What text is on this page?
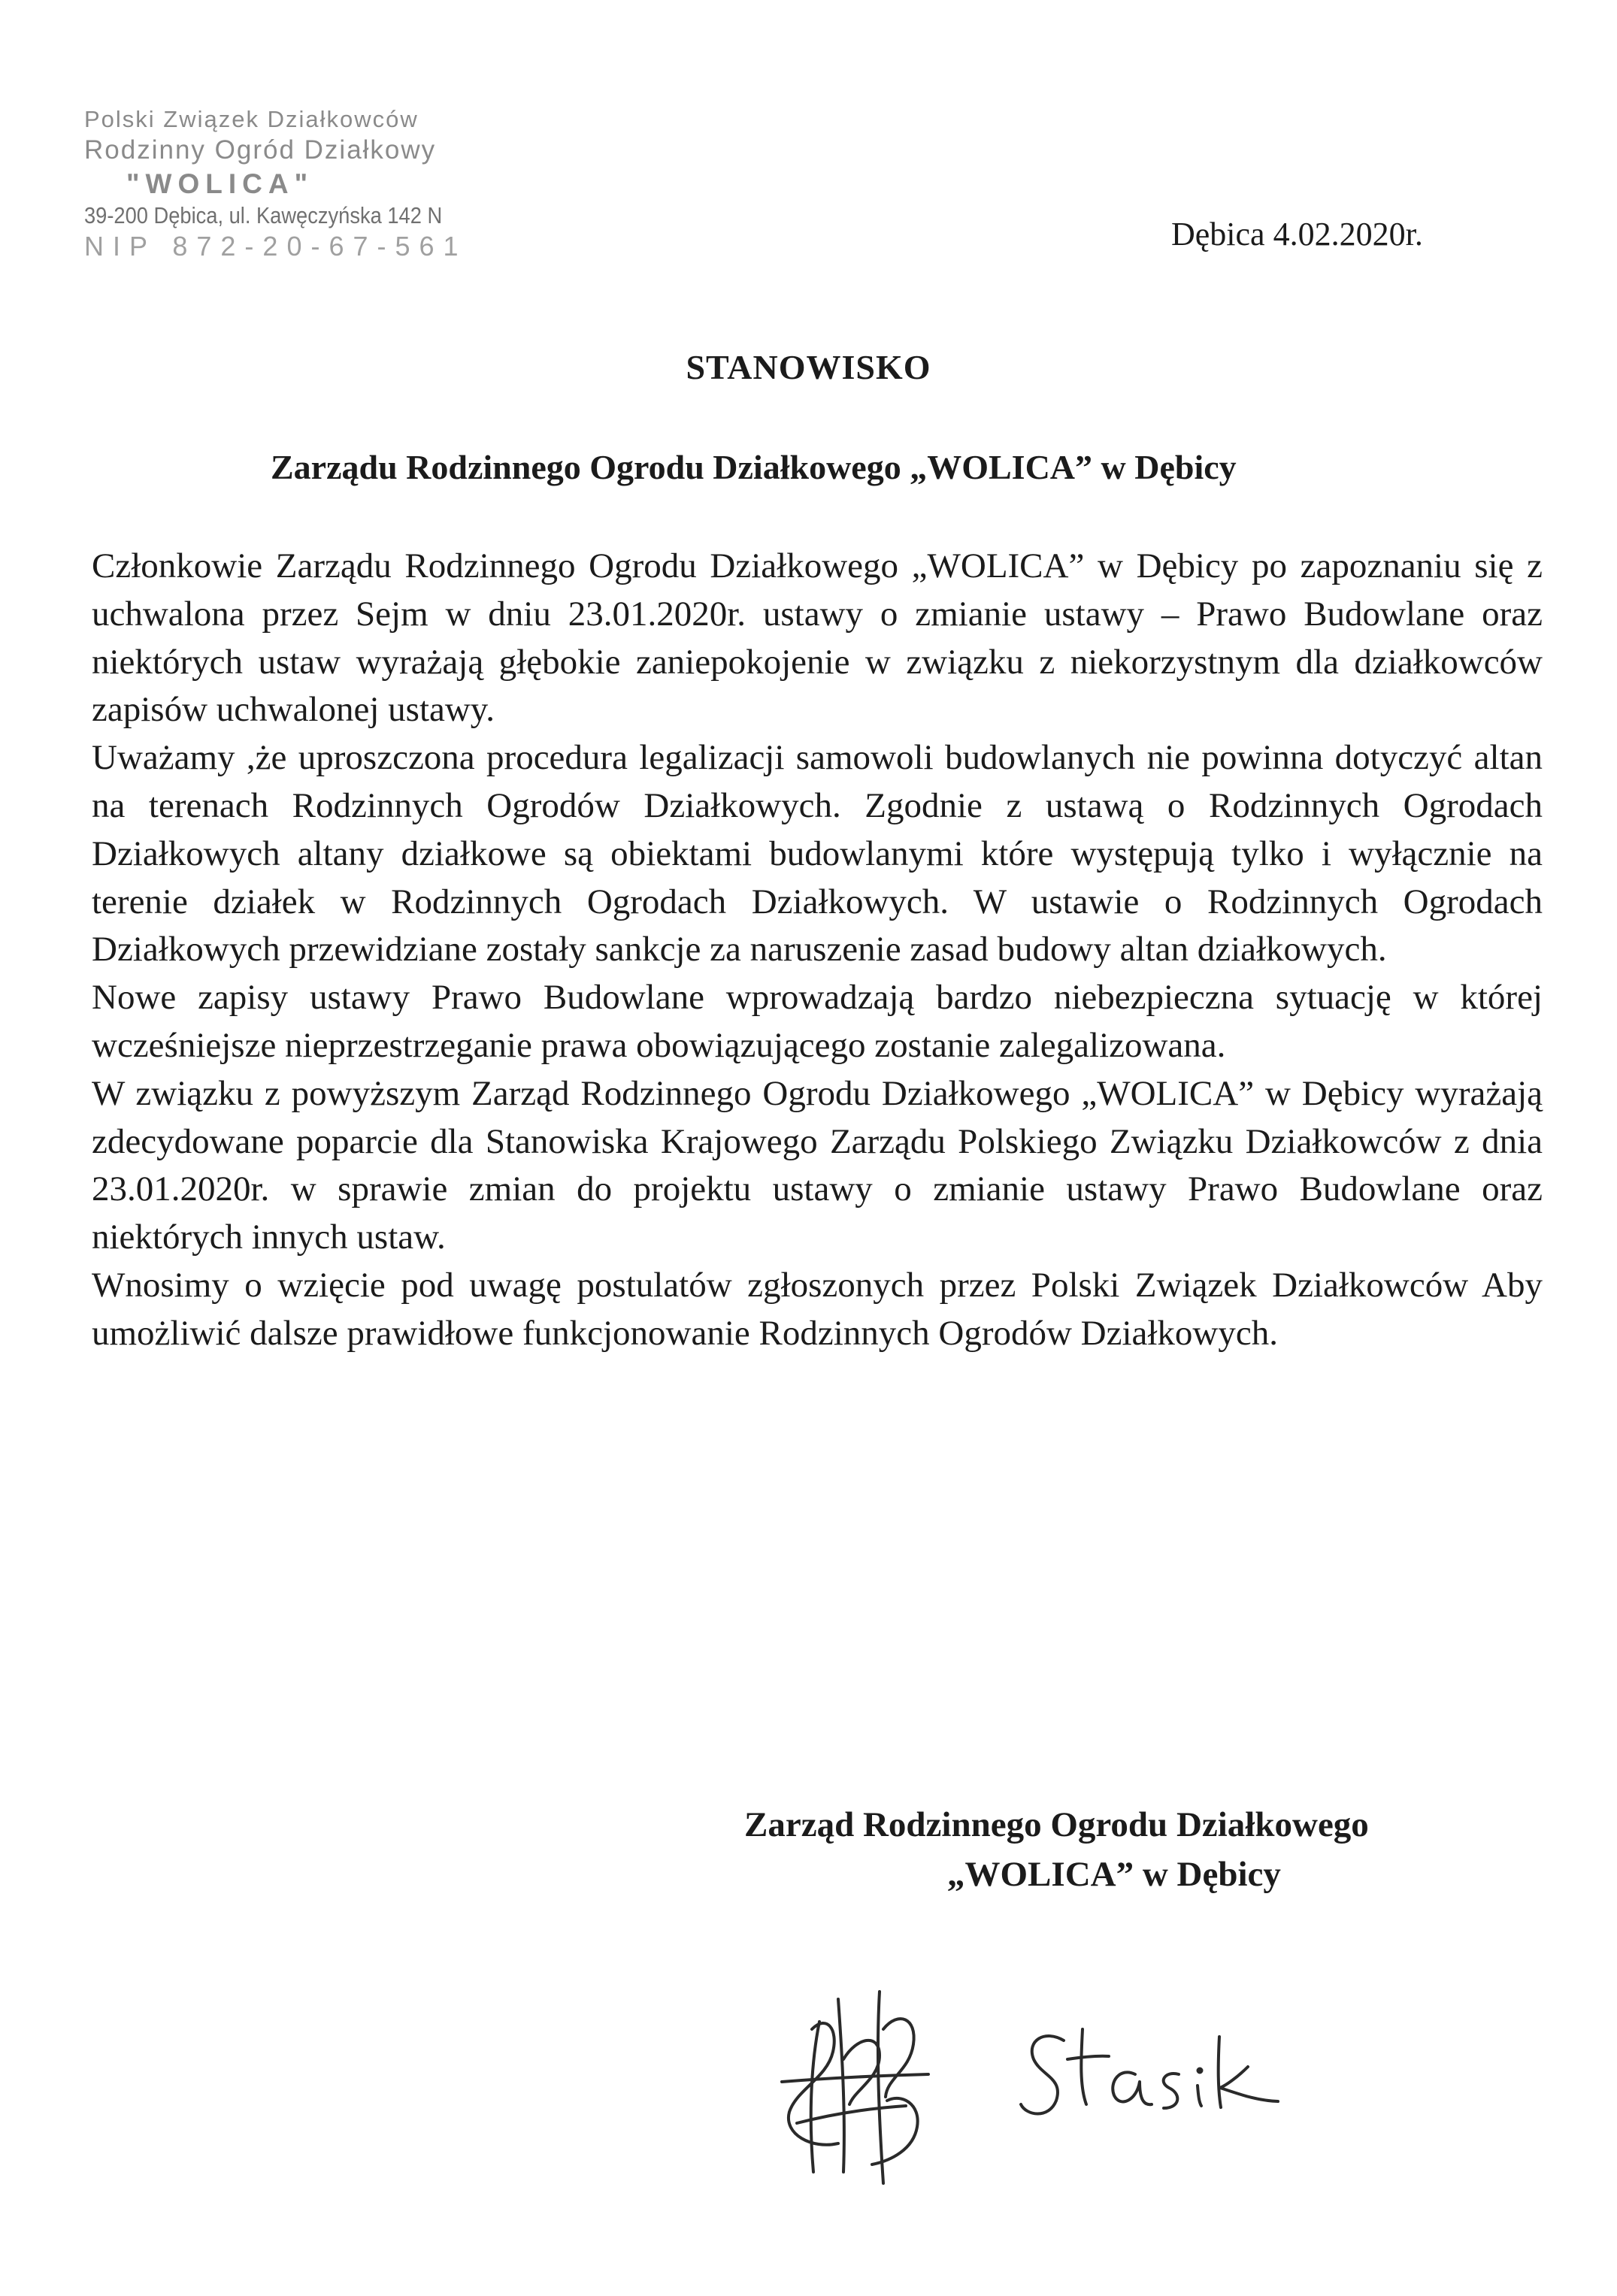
Polski Związek Działkowców
Rodzinny Ogród Działkowy
"WOLICA"
39-200 Dębica, ul. Kawęczyńska 142 N
NIP 872-20-67-561	Dębica 4.02.2020r.
STANOWISKO
Zarządu Rodzinnego Ogrodu Działkowego „WOLICA” w Dębicy

Członkowie Zarządu Rodzinnego Ogrodu Działkowego „WOLICA” w Dębicy po zapoznaniu się z uchwalona przez Sejm w dniu 23.01.2020r. ustawy o zmianie ustawy – Prawo Budowlane oraz niektórych ustaw wyrażają głębokie zaniepokojenie w związku z niekorzystnym dla działkowców zapisów uchwalonej ustawy.

Uważamy ,że uproszczona procedura legalizacji samowoli budowlanych nie powinna dotyczyć altan na terenach Rodzinnych Ogrodów Działkowych. Zgodnie z ustawą o Rodzinnych Ogrodach Działkowych altany działkowe są obiektami budowlanymi które występują tylko i wyłącznie na terenie działek w Rodzinnych Ogrodach Działkowych. W ustawie o Rodzinnych Ogrodach Działkowych przewidziane zostały sankcje za naruszenie zasad budowy altan działkowych.

Nowe zapisy ustawy Prawo Budowlane wprowadzają bardzo niebezpieczna sytuację w której wcześniejsze nieprzestrzeganie prawa obowiązującego zostanie zalegalizowana.

W związku z powyższym Zarząd Rodzinnego Ogrodu Działkowego „WOLICA” w Dębicy wyrażają zdecydowane poparcie dla Stanowiska Krajowego Zarządu Polskiego Związku Działkowców z dnia 23.01.2020r. w sprawie zmian do projektu ustawy o zmianie ustawy Prawo Budowlane oraz niektórych innych ustaw.

Wnosimy o wzięcie pod uwagę postulatów zgłoszonych przez Polski Związek Działkowców Aby umożliwić dalsze prawidłowe funkcjonowanie Rodzinnych Ogrodów Działkowych.

Zarząd Rodzinnego Ogrodu Działkowego
„WOLICA” w Dębicy
